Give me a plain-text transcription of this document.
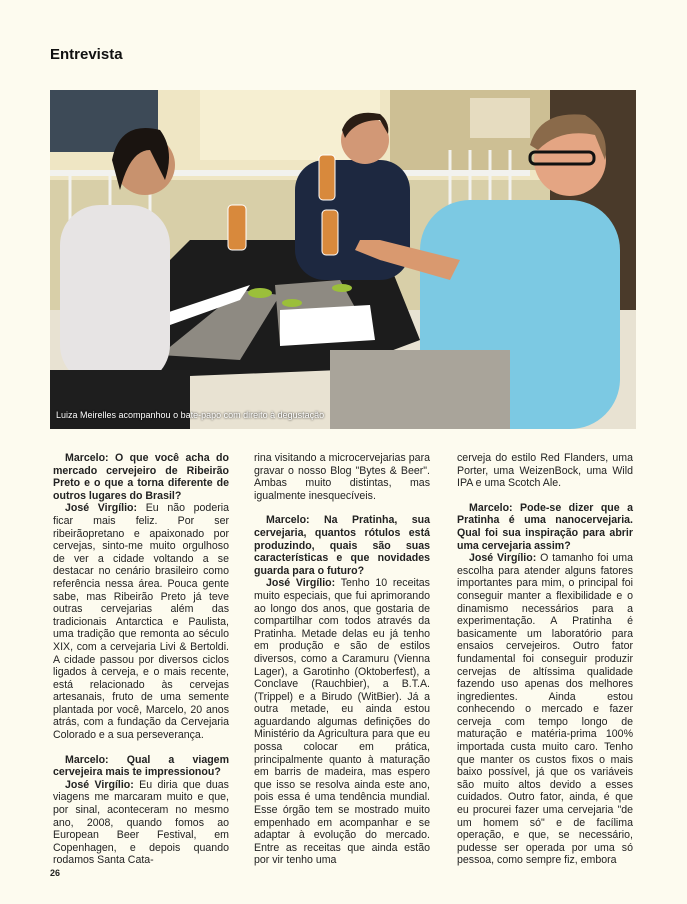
Entrevista
Luiza Meirelles acompanhou o bate-papo com direito à degustação

Marcelo: O que você acha do mercado cervejeiro de Ribeirão Preto e o que a torna diferente de outros lugares do Brasil?

José Virgílio: Eu não poderia ficar mais feliz. Por ser ribeirãopretano e apaixonado por cervejas, sinto-me muito orgulhoso de ver a cidade voltando a se destacar no cenário brasileiro como referência nessa área. Pouca gente sabe, mas Ribeirão Preto já teve outras cervejarias além das tradicionais Antarctica e Paulista, uma tradição que remonta ao século XIX, com a cervejaria Livi & Bertoldi. A cidade passou por diversos ciclos ligados à cerveja, e o mais recente, está relacionado às cervejas artesanais, fruto de uma semente plantada por você, Marcelo, 20 anos atrás, com a fundação da Cervejaria Colorado e a sua perseverança.

Marcelo: Qual a viagem cervejeira mais te impressionou?

José Virgílio: Eu diria que duas viagens me marcaram muito e que, por sinal, aconteceram no mesmo ano, 2008, quando fomos ao European Beer Festival, em Copenhagen, e depois quando rodamos Santa Cata-

rina visitando a microcervejarias para gravar o nosso Blog "Bytes & Beer". Ambas muito distintas, mas igualmente inesquecíveis.

Marcelo: Na Pratinha, sua cervejaria, quantos rótulos está produzindo, quais são suas características e que novidades guarda para o futuro?

José Virgílio: Tenho 10 receitas muito especiais, que fui aprimorando ao longo dos anos, que gostaria de compartilhar com todos através da Pratinha. Metade delas eu já tenho em produção e são de estilos diversos, como a Caramuru (Vienna Lager), a Garotinho (Oktoberfest), a Conclave (Rauchbier), a B.T.A. (Trippel) e a Birudo (WitBier). Já a outra metade, eu ainda estou aguardando algumas definições do Ministério da Agricultura para que eu possa colocar em prática, principalmente quanto à maturação em barris de madeira, mas espero que isso se resolva ainda este ano, pois essa é uma tendência mundial. Esse órgão tem se mostrado muito empenhado em acompanhar e se adaptar à evolução do mercado. Entre as receitas que ainda estão por vir tenho uma

cerveja do estilo Red Flanders, uma Porter, uma WeizenBock, uma Wild IPA e uma Scotch Ale.

Marcelo: Pode-se dizer que a Pratinha é uma nanocervejaria. Qual foi sua inspiração para abrir uma cervejaria assim?

José Virgílio: O tamanho foi uma escolha para atender alguns fatores importantes para mim, o principal foi conseguir manter a flexibilidade e o dinamismo necessários para a experimentação. A Pratinha é basicamente um laboratório para ensaios cervejeiros. Outro fator fundamental foi conseguir produzir cervejas de altíssima qualidade fazendo uso apenas dos melhores ingredientes. Ainda estou conhecendo o mercado e fazer cerveja com tempo longo de maturação e matéria-prima 100% importada custa muito caro. Tenho que manter os custos fixos o mais baixo possível, já que os variáveis são muito altos devido a esses cuidados. Outro fator, ainda, é que eu procurei fazer uma cervejaria "de um homem só" e de facílima operação, e que, se necessário, pudesse ser operada por uma só pessoa, como sempre fiz, embora

26
